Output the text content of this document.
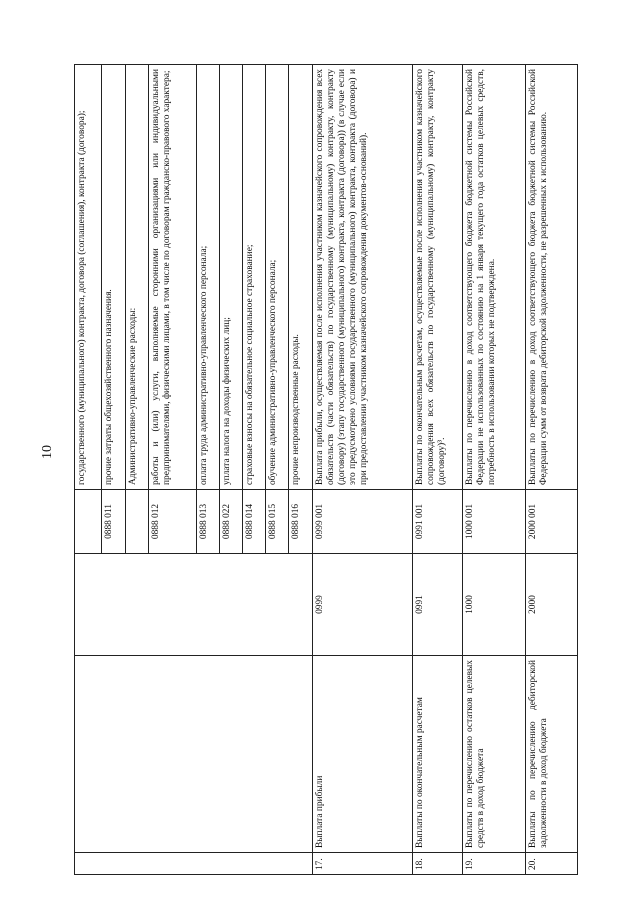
10
				государственного (муниципального) контракта, договора (соглашения), контракта (договора);
			0888 011	прочие затраты общехозяйственного назначения.
				Административно-управленческие расходы:
			0888 012	работы и (или) услуги, выполняемые сторонними организациями или индивидуальными предпринимателями, физическими лицами, в том числе по договорам гражданско-правового характера;
			0888 013	оплата труда административно-управленческого персонала;
			0888 022	уплата налога на доходы физических лиц;
			0888 014	страховые взносы на обязательное социальное страхование;
			0888 015	обучение административно-управленческого персонала;
			0888 016	прочие непроизводственные расходы.
17.	Выплата прибыли	0999	0999 001	Выплата прибыли, осуществляемая после исполнения участником казначейского сопровождения всех обязательств (части обязательств) по государственному (муниципальному) контракту, контракту (договору) (этапу государственного (муниципального) контракта, контракта (договора)) (в случае если это предусмотрено условиями государственного (муниципального) контракта, контракта (договора) и при предоставлении участником казначейского сопровождения документов-оснований).
18.	Выплаты по окончательным расчетам	0991	0991 001	Выплаты по окончательным расчетам, осуществляемые после исполнения участником казначейского сопровождения всех обязательств по государственному (муниципальному) контракту, контракту (договору)³.
19.	Выплаты по перечислению остатков целевых средств в доход бюджета	1000	1000 001	Выплаты по перечислению в доход соответствующего бюджета бюджетной системы Российской Федерации не использованных по состоянию на 1 января текущего года остатков целевых средств, потребность в использовании которых не подтверждена.
20.	Выплаты по перечислению дебиторской задолженности в доход бюджета	2000	2000 001	Выплаты по перечислению в доход соответствующего бюджета бюджетной системы Российской Федерации сумм от возврата дебиторской задолженности, не разрешенных к использованию.
